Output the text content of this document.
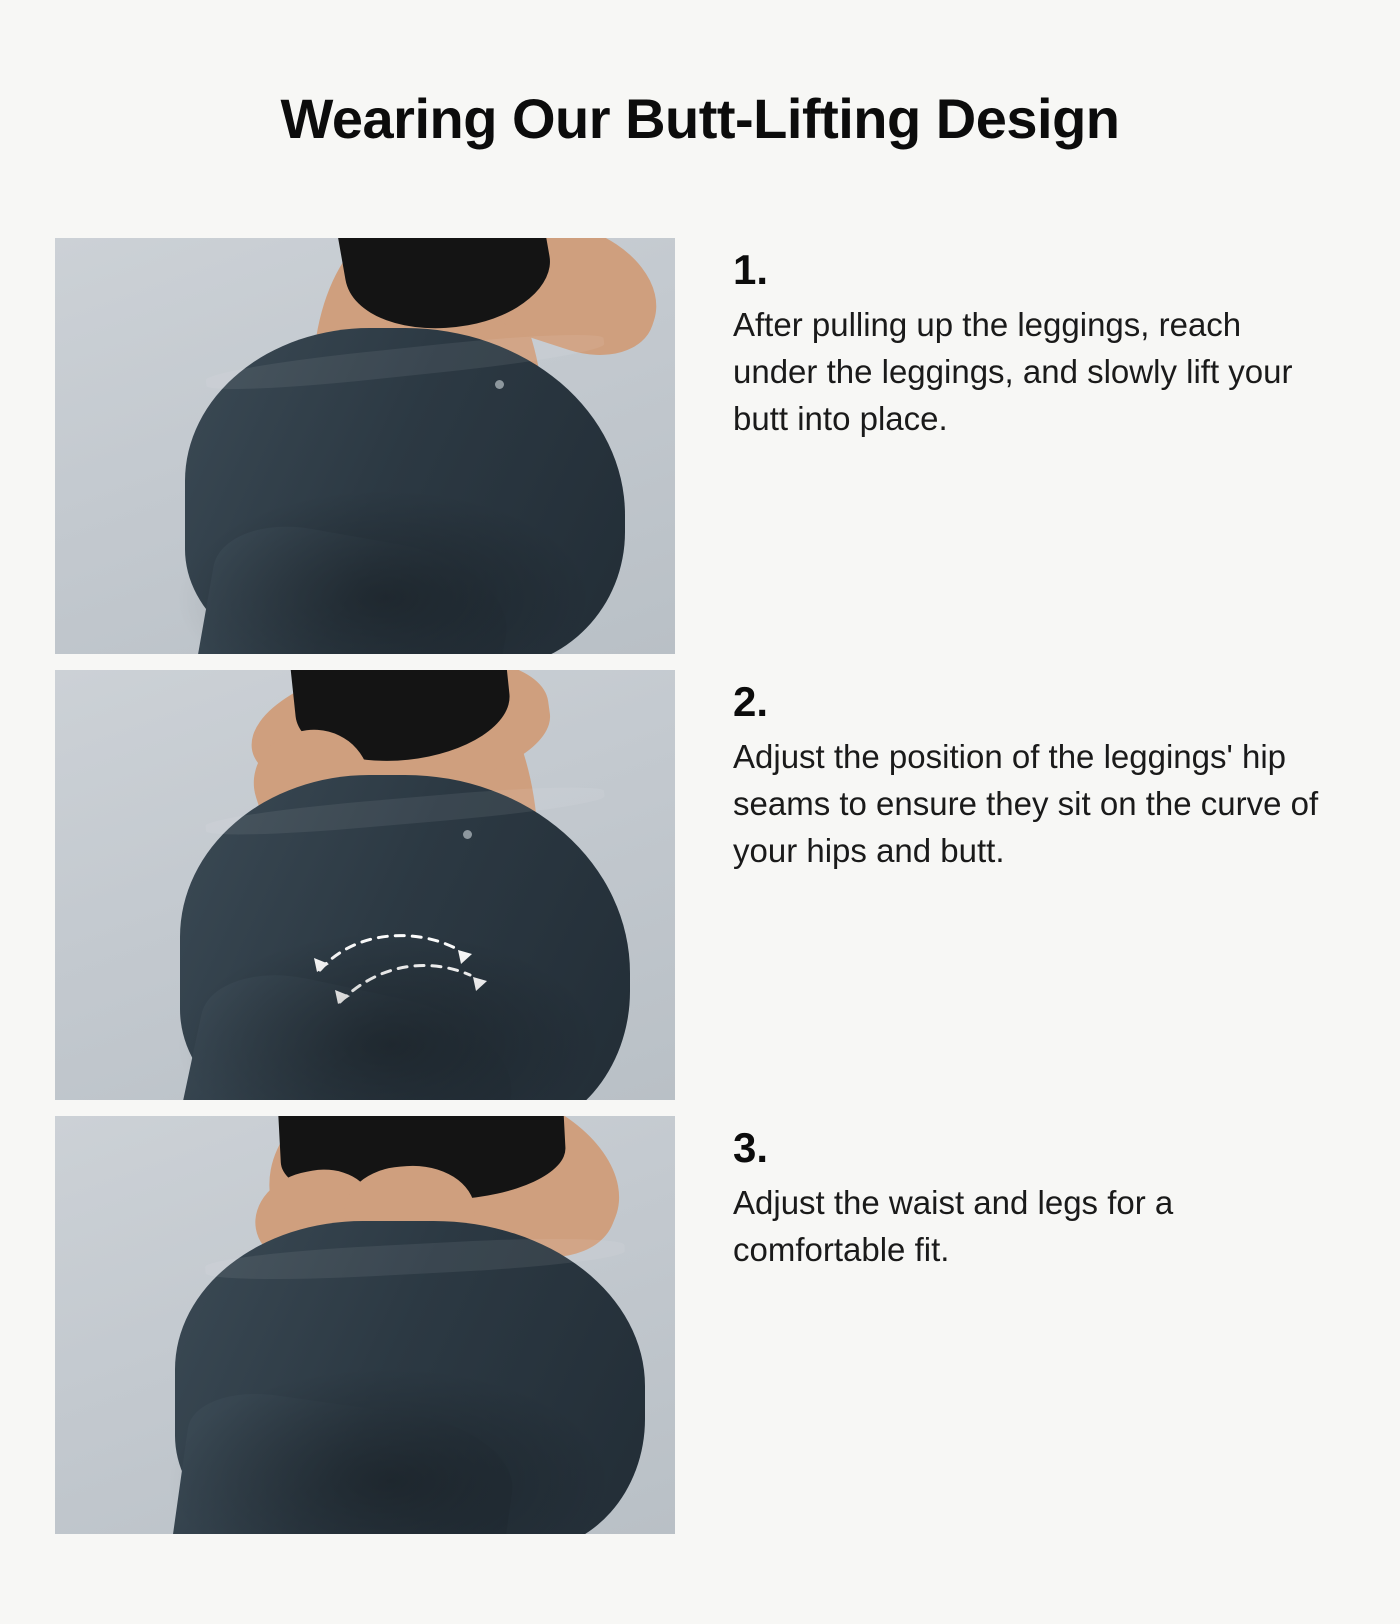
Wearing Our Butt-Lifting Design
1.

After pulling up the leggings, reach under the leggings, and slowly lift your butt into place.

2.

Adjust the position of the leggings' hip seams to ensure they sit on the curve of your hips and butt.

3.

Adjust the waist and legs for a comfortable fit.
